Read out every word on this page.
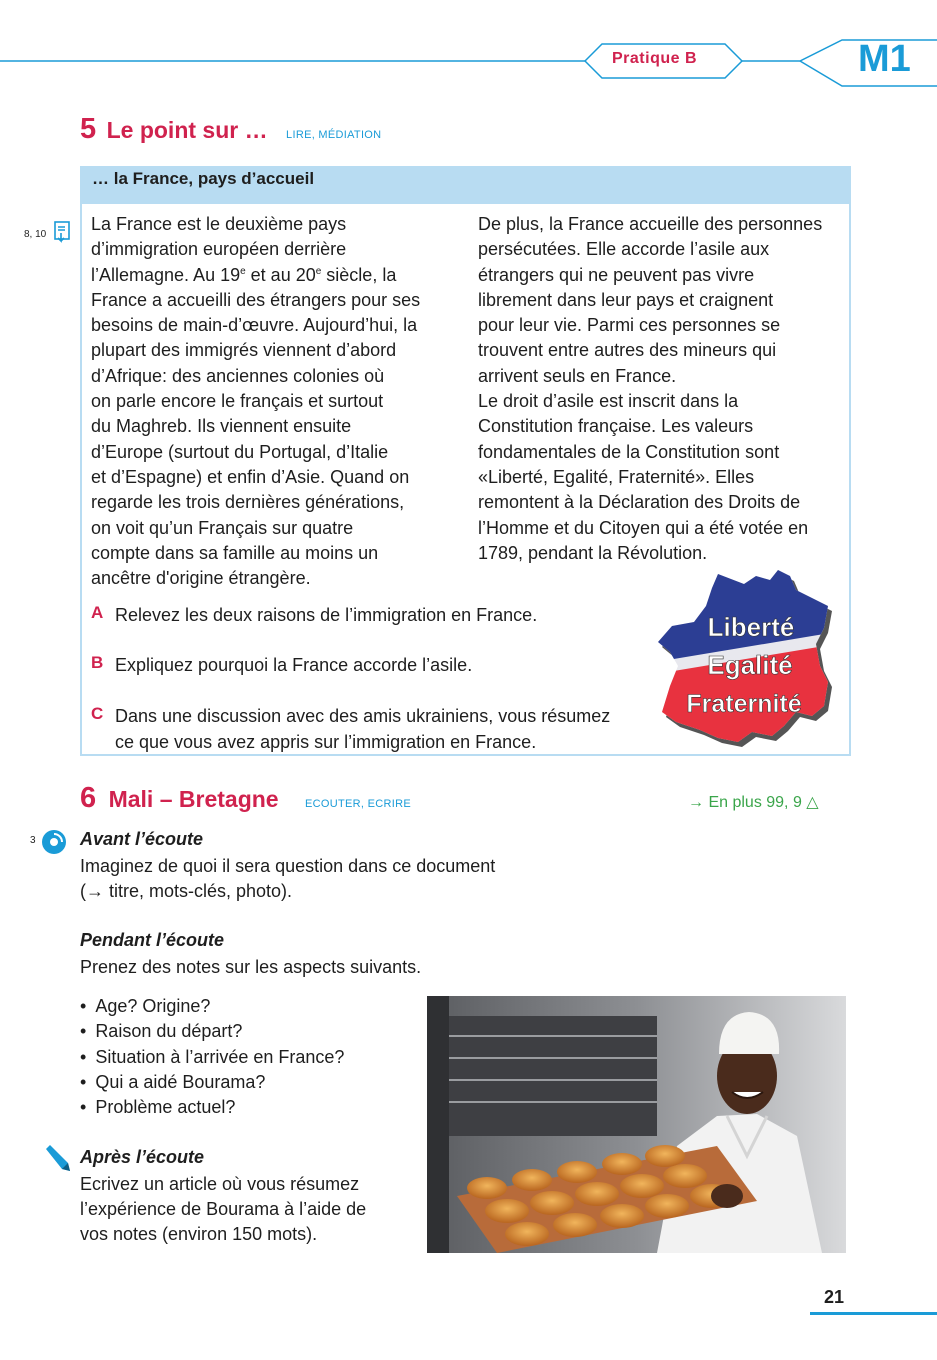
Pratique B	M1
5 Le point sur … LIRE, MÉDIATION
8, 10
… la France, pays d’accueil
La France est le deuxième pays
d’immigration européen derrière
l’Allemagne. Au 19e et au 20e siècle, la
France a accueilli des étrangers pour ses
besoins de main-d’œuvre. Aujourd’hui, la
plupart des immigrés viennent d’abord
d’Afrique: des anciennes colonies où
on parle encore le français et surtout
du Maghreb. Ils viennent ensuite
d’Europe (surtout du Portugal, d’Italie
et d’Espagne) et enfin d’Asie. Quand on
regarde les trois dernières générations,
on voit qu’un Français sur quatre
compte dans sa famille au moins un
ancêtre d'origine étrangère.
De plus, la France accueille des personnes
persécutées. Elle accorde l’asile aux
étrangers qui ne peuvent pas vivre
librement dans leur pays et craignent
pour leur vie. Parmi ces personnes se
trouvent entre autres des mineurs qui
arrivent seuls en France.
Le droit d’asile est inscrit dans la
Constitution française. Les valeurs
fondamentales de la Constitution sont
«Liberté, Egalité, Fraternité». Elles
remontent à la Déclaration des Droits de
l’Homme et du Citoyen qui a été votée en
1789, pendant la Révolution.
A Relevez les deux raisons de l’immigration en France.
B Expliquez pourquoi la France accorde l’asile.
C Dans une discussion avec des amis ukrainiens, vous résumez
ce que vous avez appris sur l’immigration en France.
Liberté
Egalité
Fraternité
6 Mali – Bretagne ECOUTER, ECRIRE	→ En plus 99, 9 △
3 Avant l’écoute
Imaginez de quoi il sera question dans ce document
(→ titre, mots-clés, photo).
Pendant l’écoute
Prenez des notes sur les aspects suivants.
• Age? Origine?
• Raison du départ?
• Situation à l’arrivée en France?
• Qui a aidé Bourama?
• Problème actuel?
Après l’écoute
Ecrivez un article où vous résumez
l’expérience de Bourama à l’aide de
vos notes (environ 150 mots).
21
